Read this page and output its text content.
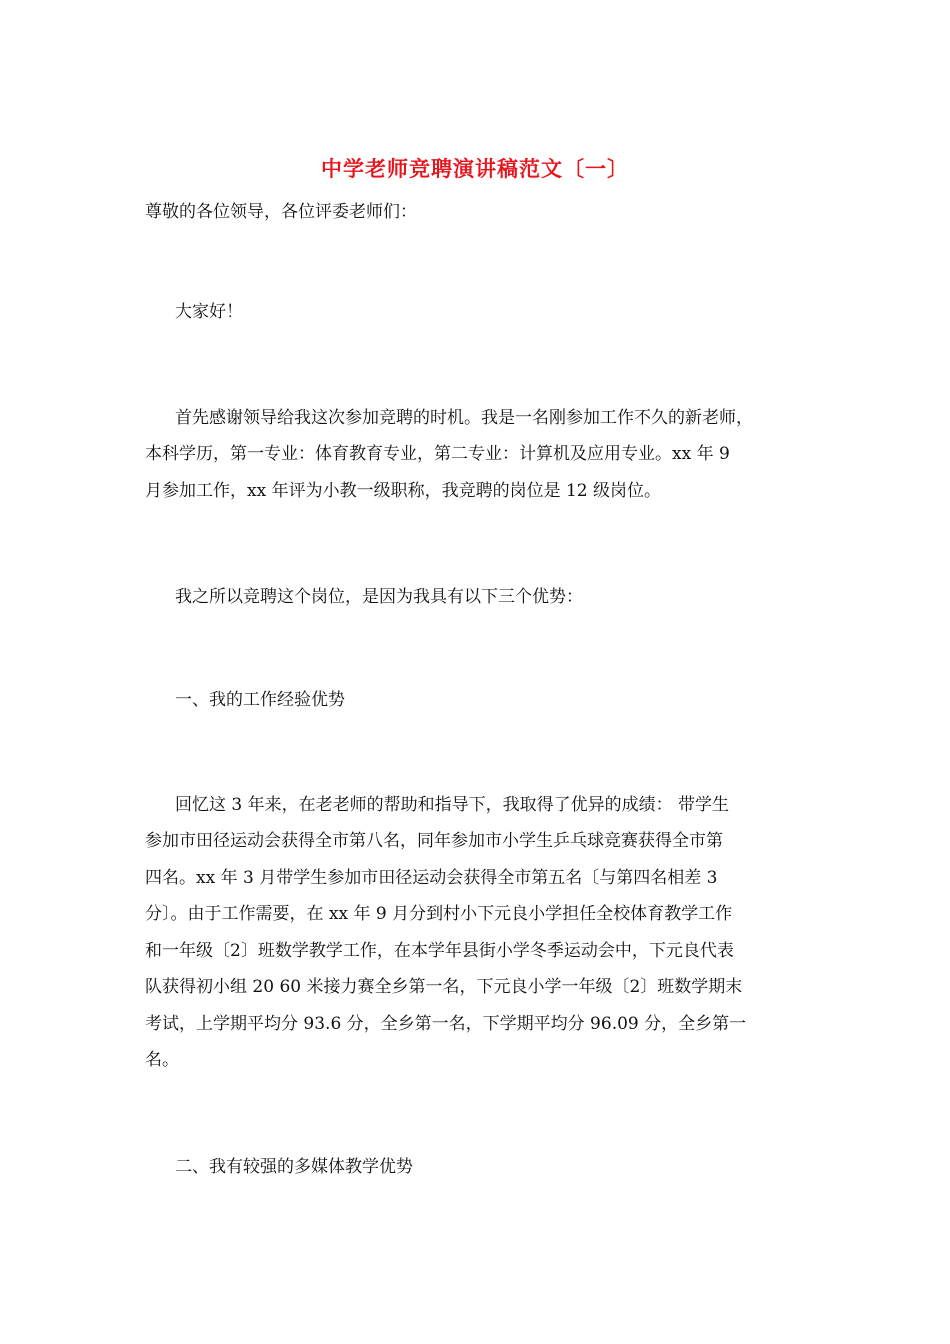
中学老师竞聘演讲稿范文〔一〕
尊敬的各位领导，各位评委老师们：
大家好！
首先感谢领导给我这次参加竞聘的时机。我是一名刚参加工作不久的新老师，
本科学历，第一专业：体育教育专业，第二专业：计算机及应用专业。xx 年 9
月参加工作，xx 年评为小教一级职称，我竞聘的岗位是 12 级岗位。
我之所以竞聘这个岗位，是因为我具有以下三个优势：
一、我的工作经验优势
回忆这 3 年来，在老老师的帮助和指导下，我取得了优异的成绩： 带学生
参加市田径运动会获得全市第八名，同年参加市小学生乒乓球竞赛获得全市第
四名。xx 年 3 月带学生参加市田径运动会获得全市第五名〔与第四名相差 3
分〕。由于工作需要，在 xx 年 9 月分到村小下元良小学担任全校体育教学工作
和一年级〔2〕班数学教学工作，在本学年县街小学冬季运动会中，下元良代表
队获得初小组 20 60 米接力赛全乡第一名，下元良小学一年级〔2〕班数学期末
考试，上学期平均分 93.6 分，全乡第一名，下学期平均分 96.09 分，全乡第一
名。
二、我有较强的多媒体教学优势
